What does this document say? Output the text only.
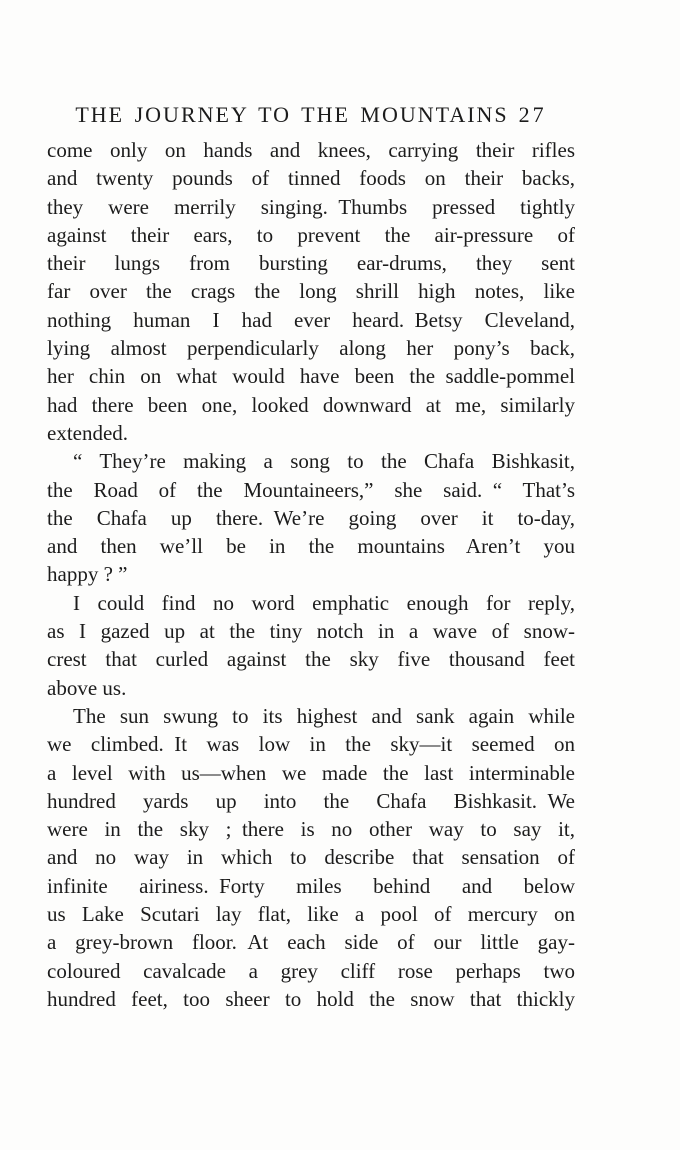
THE JOURNEY TO THE MOUNTAINS 27
come only on hands and knees, carrying their rifles
and twenty pounds of tinned foods on their backs,
they were merrily singing. Thumbs pressed tightly
against their ears, to prevent the air-pressure of
their lungs from bursting ear-drums, they sent
far over the crags the long shrill high notes, like
nothing human I had ever heard. Betsy Cleveland,
lying almost perpendicularly along her pony’s back,
her chin on what would have been the saddle-pommel
had there been one, looked downward at me, similarly
extended.
“ They’re making a song to the Chafa Bishkasit,
the Road of the Mountaineers,” she said. “ That’s
the Chafa up there. We’re going over it to-day,
and then we’ll be in the mountains Aren’t you
happy ? ”
I could find no word emphatic enough for reply,
as I gazed up at the tiny notch in a wave of snow-
crest that curled against the sky five thousand feet
above us.
The sun swung to its highest and sank again while
we climbed. It was low in the sky—it seemed on
a level with us—when we made the last interminable
hundred yards up into the Chafa Bishkasit. We
were in the sky ; there is no other way to say it,
and no way in which to describe that sensation of
infinite airiness. Forty miles behind and below
us Lake Scutari lay flat, like a pool of mercury on
a grey-brown floor. At each side of our little gay-
coloured cavalcade a grey cliff rose perhaps two
hundred feet, too sheer to hold the snow that thickly
